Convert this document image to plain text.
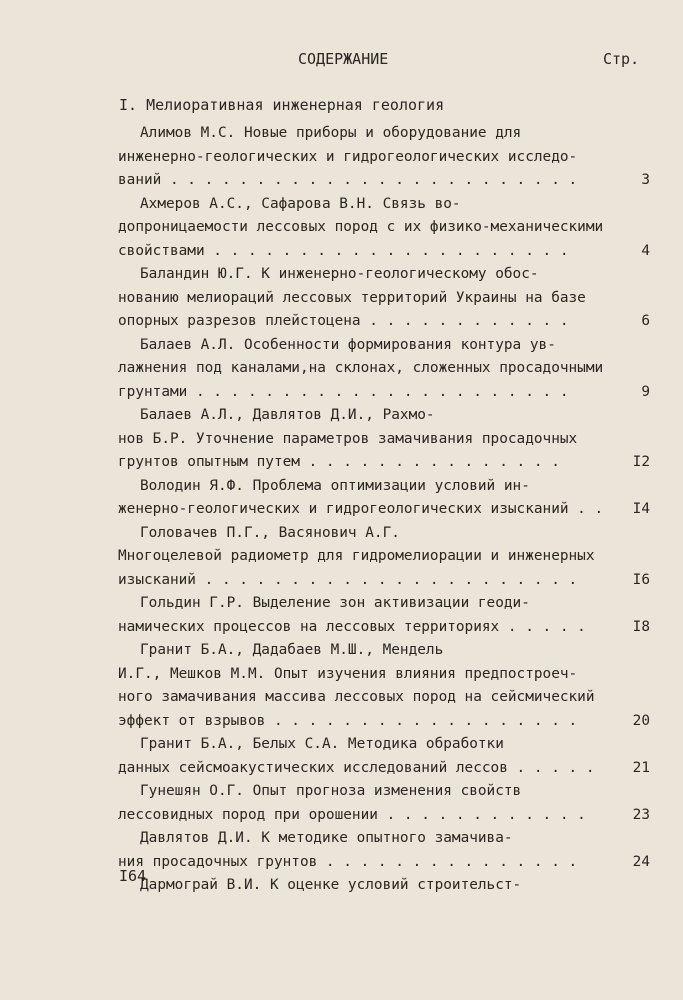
СОДЕРЖАНИЕ	Стр.
I. Мелиоративная инженерная геология
Алимов М.С. Новые приборы и оборудование для
инженерно-геологических и гидрогеологических исследо-
ваний . . . . . . . . . . . . . . . . . . . . . . . .	3
Ахмеров А.С., Сафарова В.Н. Связь во-
допроницаемости лессовых пород с их физико-механическими
свойствами . . . . . . . . . . . . . . . . . . . . .	4
Баландин Ю.Г. К инженерно-геологическому обос-
нованию мелиораций лессовых территорий Украины на базе
опорных разрезов плейстоцена . . . . . . . . . . . .	6
Балаев А.Л. Особенности формирования контура ув-
лажнения под каналами,на склонах, сложенных просадочными
грунтами . . . . . . . . . . . . . . . . . . . . . .	9
Балаев А.Л., Давлятов Д.И., Рахмо-
нов Б.Р. Уточнение параметров замачивания просадочных
грунтов опытным путем . . . . . . . . . . . . . . .	I2
Володин Я.Ф. Проблема оптимизации условий ин-
женерно-геологических и гидрогеологических изысканий . . I4
Головачев П.Г., Васянович А.Г.
Многоцелевой радиометр для гидромелиорации и инженерных
изысканий . . . . . . . . . . . . . . . . . . . . . .	I6
Гольдин Г.Р. Выделение зон активизации геоди-
намических процессов на лессовых территориях . . . . .	I8
Гранит Б.А., Дадабаев М.Ш., Мендель
И.Г., Мешков М.М. Опыт изучения влияния предпостроеч-
ного замачивания массива лессовых пород на сейсмический
эффект от взрывов . . . . . . . . . . . . . . . . . .	20
Гранит Б.А., Белых С.А. Методика обработки
данных сейсмоакустических исследований лессов . . . . .	21
Гунешян О.Г. Опыт прогноза изменения свойств
лессовидных пород при орошении . . . . . . . . . . . .	23
Давлятов Д.И. К методике опытного замачива-
ния просадочных грунтов . . . . . . . . . . . . . . .	24
Дармограй В.И. К оценке условий строительст-
I64
